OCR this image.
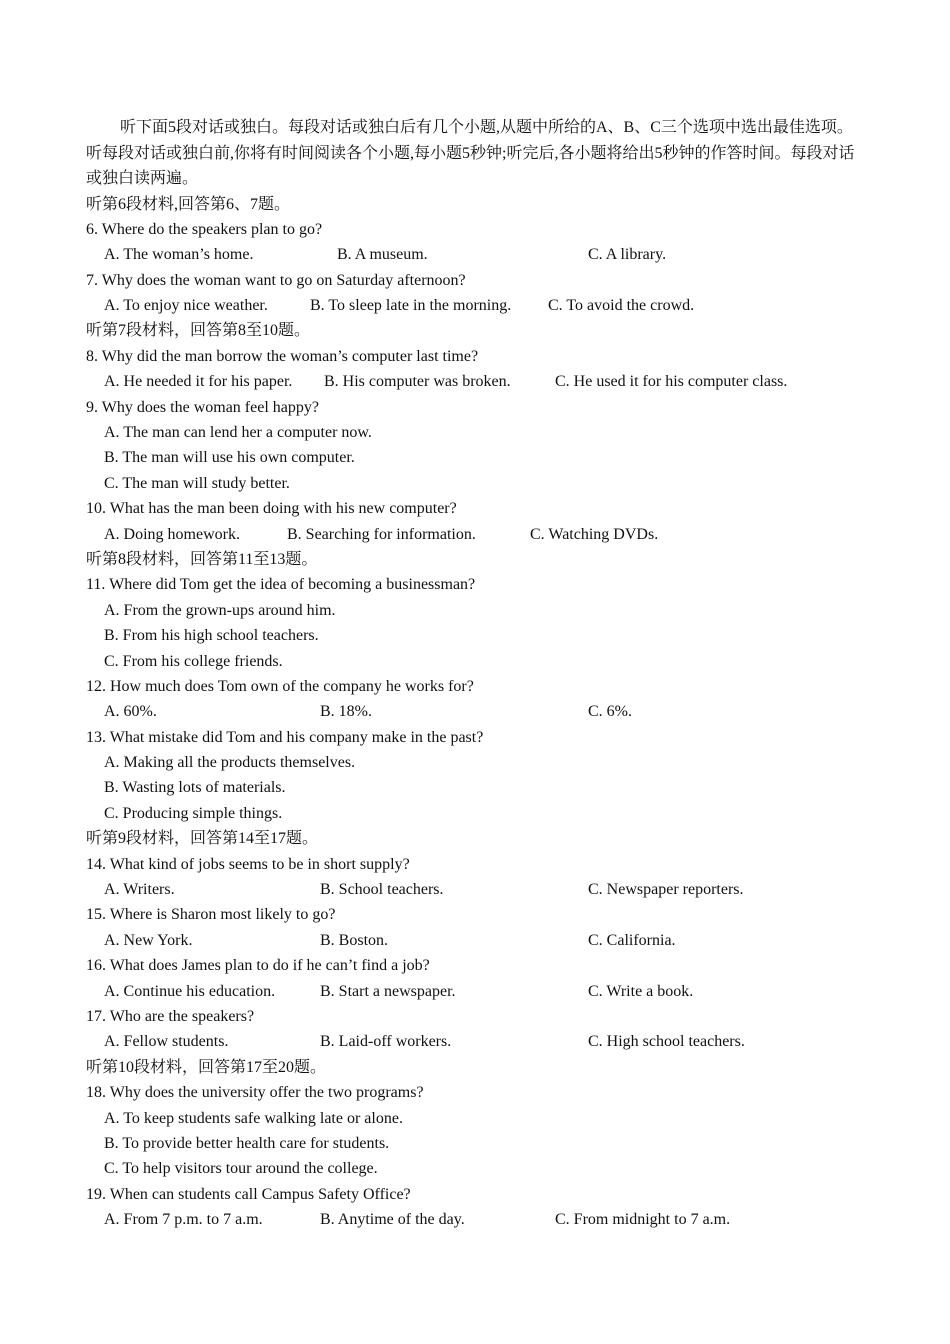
听下面5段对话或独白。每段对话或独白后有几个小题,从题中所给的A、B、C三个选项中选出最佳选项。听每段对话或独白前,你将有时间阅读各个小题,每小题5秒钟;听完后,各小题将给出5秒钟的作答时间。每段对话或独白读两遍。

听第6段材料,回答第6、7题。
6. Where do the speakers plan to go?
A. The woman’s home.	B. A museum.	C. A library.
7. Why does the woman want to go on Saturday afternoon?
A. To enjoy nice weather.	B. To sleep late in the morning. C. To avoid the crowd.
听第7段材料，回答第8至10题。
8. Why did the man borrow the woman’s computer last time?
A. He needed it for his paper. B. His computer was broken.	C. He used it for his computer class.
9. Why does the woman feel happy?
A. The man can lend her a computer now.
B. The man will use his own computer.
C. The man will study better.
10. What has the man been doing with his new computer?
A. Doing homework.	B. Searching for information.	C. Watching DVDs.
听第8段材料，回答第11至13题。
11. Where did Tom get the idea of becoming a businessman?
A. From the grown-ups around him.
B. From his high school teachers.
C. From his college friends.
12. How much does Tom own of the company he works for?
A. 60%.	B. 18%.	C. 6%.
13. What mistake did Tom and his company make in the past?
A. Making all the products themselves.
B. Wasting lots of materials.
C. Producing simple things.
听第9段材料，回答第14至17题。
14. What kind of jobs seems to be in short supply?
A. Writers.	B. School teachers.	C. Newspaper reporters.
15. Where is Sharon most likely to go?
A. New York.	B. Boston.	C. California.
16. What does James plan to do if he can’t find a job?
A. Continue his education.	B. Start a newspaper.	C. Write a book.
17. Who are the speakers?
A. Fellow students.	B. Laid-off workers.	C. High school teachers.
听第10段材料，回答第17至20题。
18. Why does the university offer the two programs?
A. To keep students safe walking late or alone.
B. To provide better health care for students.
C. To help visitors tour around the college.
19. When can students call Campus Safety Office?
A. From 7 p.m. to 7 a.m.	B. Anytime of the day.	C. From midnight to 7 a.m.
